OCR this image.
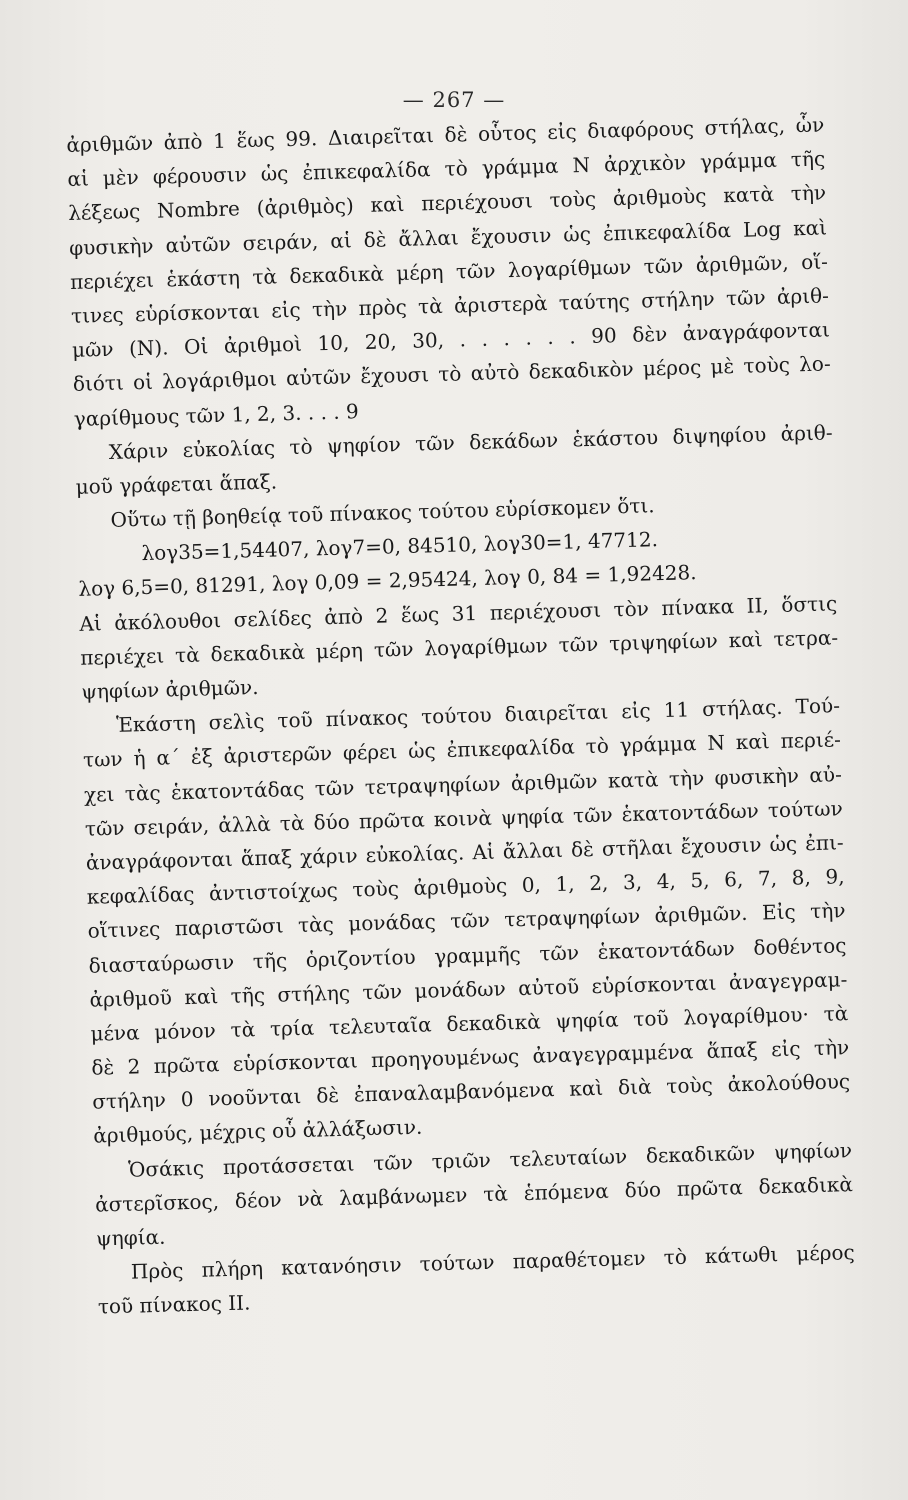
— 267 —
ἀριθμῶν ἀπὸ 1 ἕως 99. Διαιρεῖται δὲ οὗτος εἰς διαφόρους στήλας, ὧν
αἱ μὲν φέρουσιν ὡς ἐπικεφαλίδα τὸ γράμμα Ν ἀρχικὸν γράμμα τῆς
λέξεως Nombre (ἀριθμὸς) καὶ περιέχουσι τοὺς ἀριθμοὺς κατὰ τὴν
φυσικὴν αὐτῶν σειράν, αἱ δὲ ἄλλαι ἔχουσιν ὡς ἐπικεφαλίδα Log καὶ
περιέχει ἑκάστη τὰ δεκαδικὰ μέρη τῶν λογαρίθμων τῶν ἀριθμῶν, οἵ-
τινες εὑρίσκονται εἰς τὴν πρὸς τὰ ἀριστερὰ ταύτης στήλην τῶν ἀριθ-
μῶν (Ν). Οἱ ἀριθμοὶ 10, 20, 30, . . . . . . 90 δὲν ἀναγράφονται
διότι οἱ λογάριθμοι αὐτῶν ἔχουσι τὸ αὐτὸ δεκαδικὸν μέρος μὲ τοὺς λο-
γαρίθμους τῶν 1, 2, 3. . . . 9
Χάριν εὐκολίας τὸ ψηφίον τῶν δεκάδων ἑκάστου διψηφίου ἀριθ-
μοῦ γράφεται ἅπαξ.
Οὕτω τῇ βοηθείᾳ τοῦ πίνακος τούτου εὑρίσκομεν ὅτι.
λογ35=1,54407, λογ7=0, 84510, λογ30=1, 47712.
λογ 6,5=0, 81291, λογ 0,09 = 2,95424, λογ 0, 84 = 1,92428.
Αἱ ἀκόλουθοι σελίδες ἀπὸ 2 ἕως 31 περιέχουσι τὸν πίνακα II, ὅστις
περιέχει τὰ δεκαδικὰ μέρη τῶν λογαρίθμων τῶν τριψηφίων καὶ τετρα-
ψηφίων ἀριθμῶν.
Ἑκάστη σελὶς τοῦ πίνακος τούτου διαιρεῖται εἰς 11 στήλας. Τού-
των ἡ α΄ ἐξ ἀριστερῶν φέρει ὡς ἐπικεφαλίδα τὸ γράμμα Ν καὶ περιέ-
χει τὰς ἑκατοντάδας τῶν τετραψηφίων ἀριθμῶν κατὰ τὴν φυσικὴν αὐ-
τῶν σειράν, ἀλλὰ τὰ δύο πρῶτα κοινὰ ψηφία τῶν ἑκατοντάδων τούτων
ἀναγράφονται ἅπαξ χάριν εὐκολίας. Αἱ ἄλλαι δὲ στῆλαι ἔχουσιν ὡς ἐπι-
κεφαλίδας ἀντιστοίχως τοὺς ἀριθμοὺς 0, 1, 2, 3, 4, 5, 6, 7, 8, 9,
οἵτινες παριστῶσι τὰς μονάδας τῶν τετραψηφίων ἀριθμῶν. Εἰς τὴν
διασταύρωσιν τῆς ὁριζοντίου γραμμῆς τῶν ἑκατοντάδων δοθέντος
ἀριθμοῦ καὶ τῆς στήλης τῶν μονάδων αὐτοῦ εὑρίσκονται ἀναγεγραμ-
μένα μόνον τὰ τρία τελευταῖα δεκαδικὰ ψηφία τοῦ λογαρίθμου· τὰ
δὲ 2 πρῶτα εὑρίσκονται προηγουμένως ἀναγεγραμμένα ἅπαξ εἰς τὴν
στήλην 0 νοοῦνται δὲ ἐπαναλαμβανόμενα καὶ διὰ τοὺς ἀκολούθους
ἀριθμούς, μέχρις οὗ ἀλλάξωσιν.
Ὁσάκις προτάσσεται τῶν τριῶν τελευταίων δεκαδικῶν ψηφίων
ἀστερῖσκος, δέον νὰ λαμβάνωμεν τὰ ἑπόμενα δύο πρῶτα δεκαδικὰ
ψηφία.
Πρὸς πλήρη κατανόησιν τούτων παραθέτομεν τὸ κάτωθι μέρος
τοῦ πίνακος II.
